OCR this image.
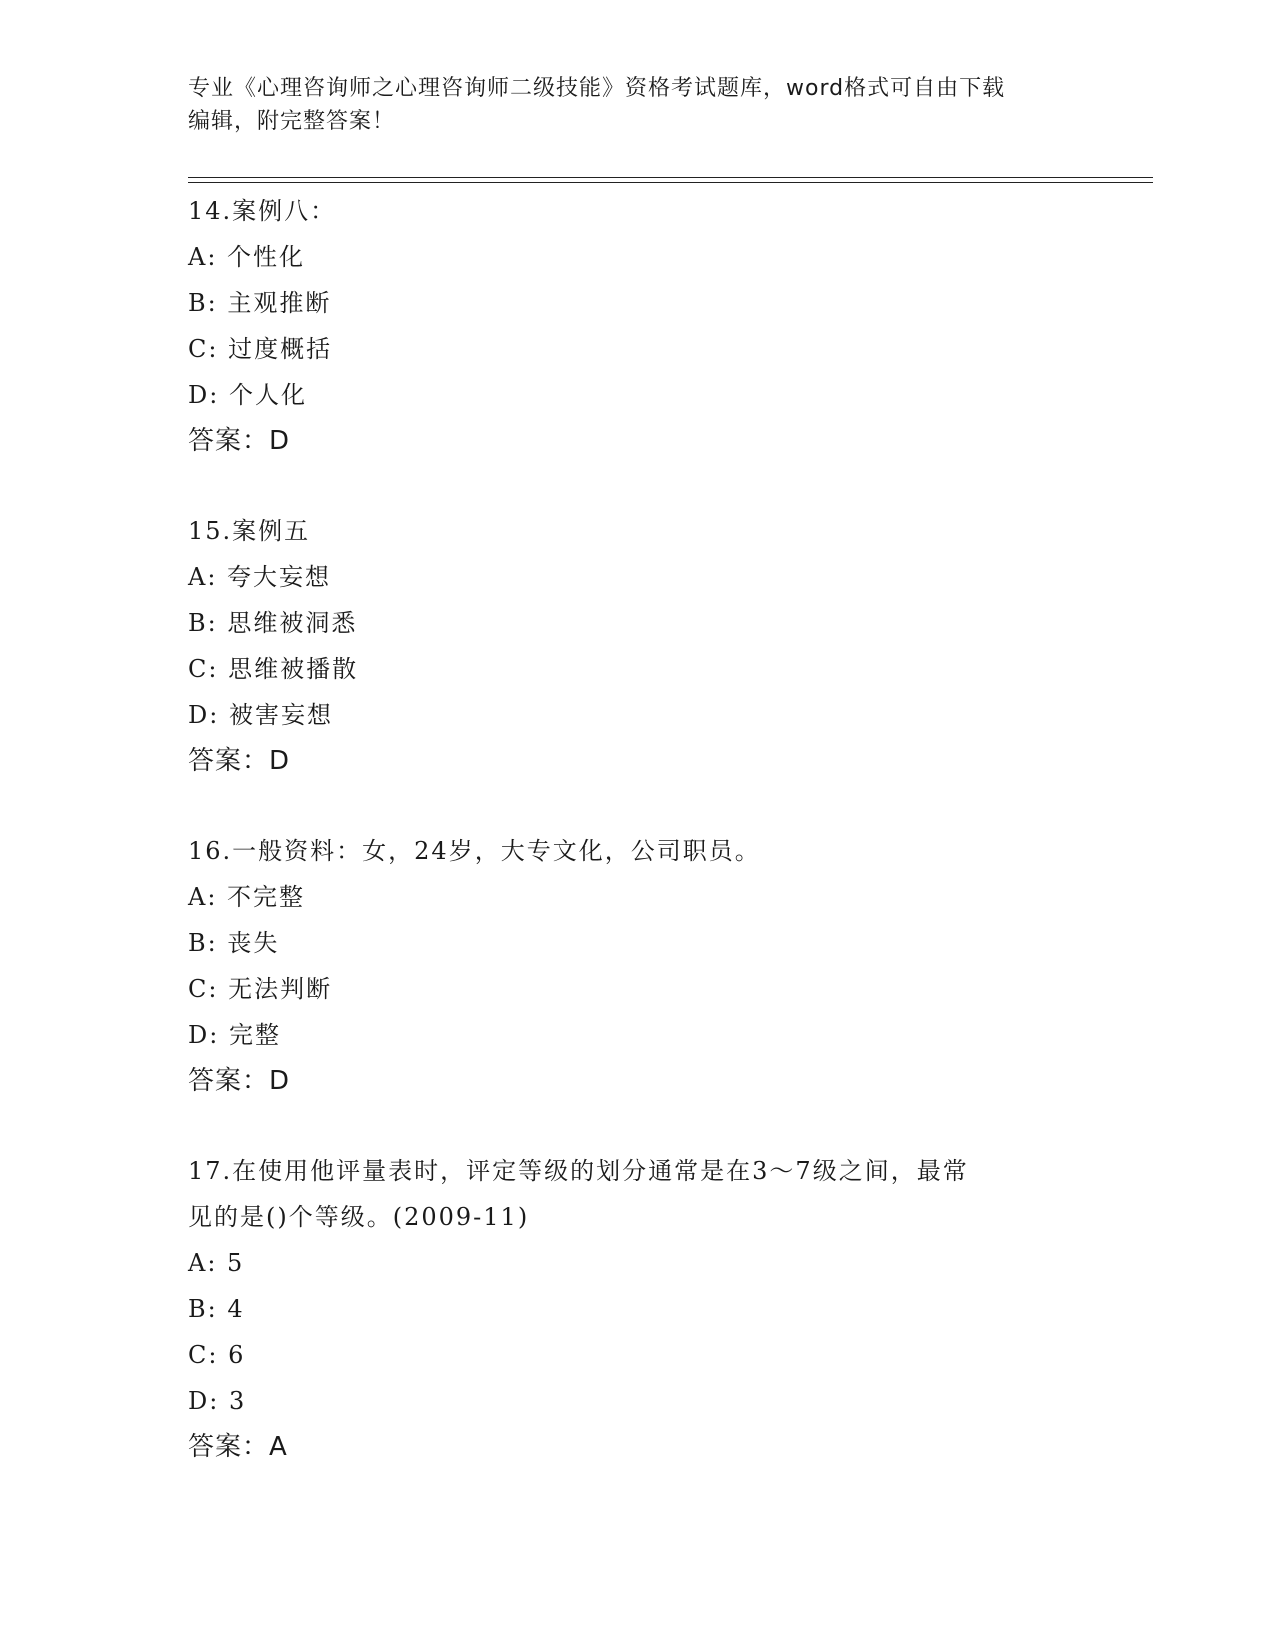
专业《心理咨询师之心理咨询师二级技能》资格考试题库，word格式可自由下载
编辑，附完整答案！
14.案例八：
A: 个性化
B: 主观推断
C: 过度概括
D: 个人化
答案：D
15.案例五
A: 夸大妄想
B: 思维被洞悉
C: 思维被播散
D: 被害妄想
答案：D
16.一般资料：女，24岁，大专文化，公司职员。
A: 不完整
B: 丧失
C: 无法判断
D: 完整
答案：D
17.在使用他评量表时，评定等级的划分通常是在3～7级之间，最常
见的是()个等级。(2009-11)
A: 5
B: 4
C: 6
D: 3
答案：A
